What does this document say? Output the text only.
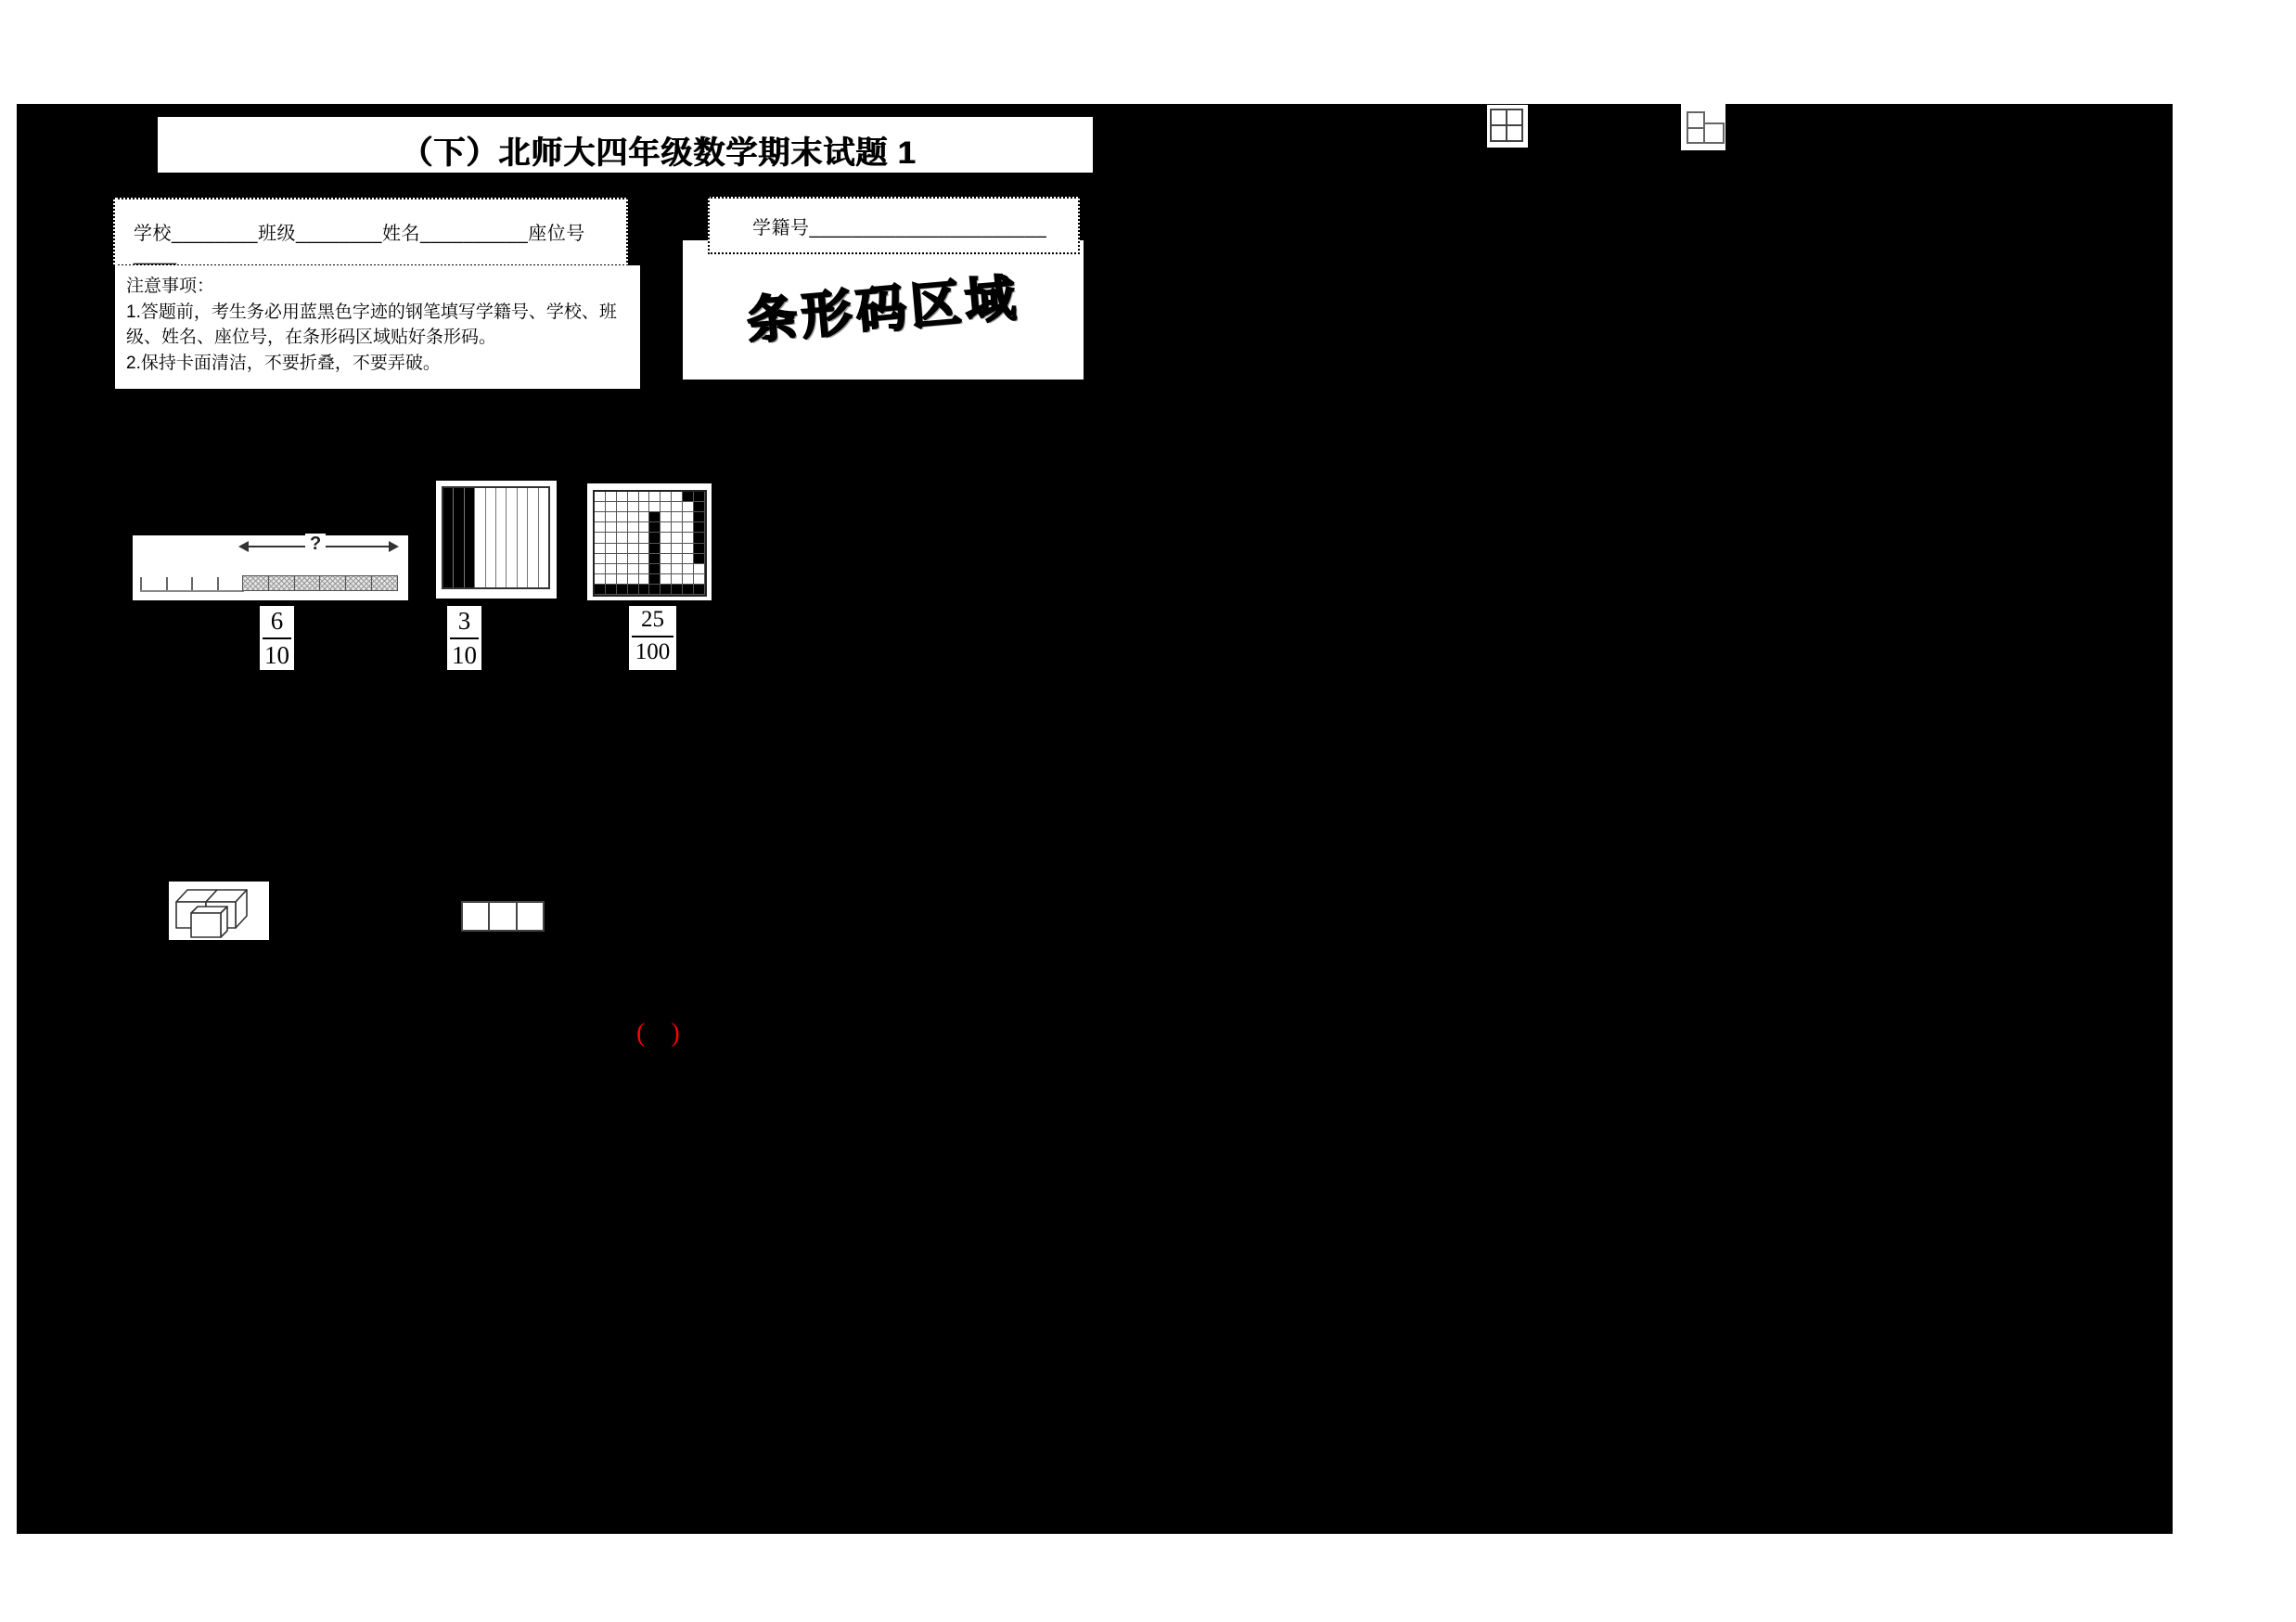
（下）北师大四年级数学期末试题 1
学校________班级________姓名__________座位号____
注意事项：
1.答题前，考生务必用蓝黑色字迹的钢笔填写学籍号、学校、班级、姓名、座位号，在条形码区域贴好条形码。
2.保持卡面清洁，不要折叠，不要弄破。
条形码区域
学籍号______________________
?
$\frac{6}{10}$	$\frac{3}{10}$	$\frac{25}{100}$
(    )
